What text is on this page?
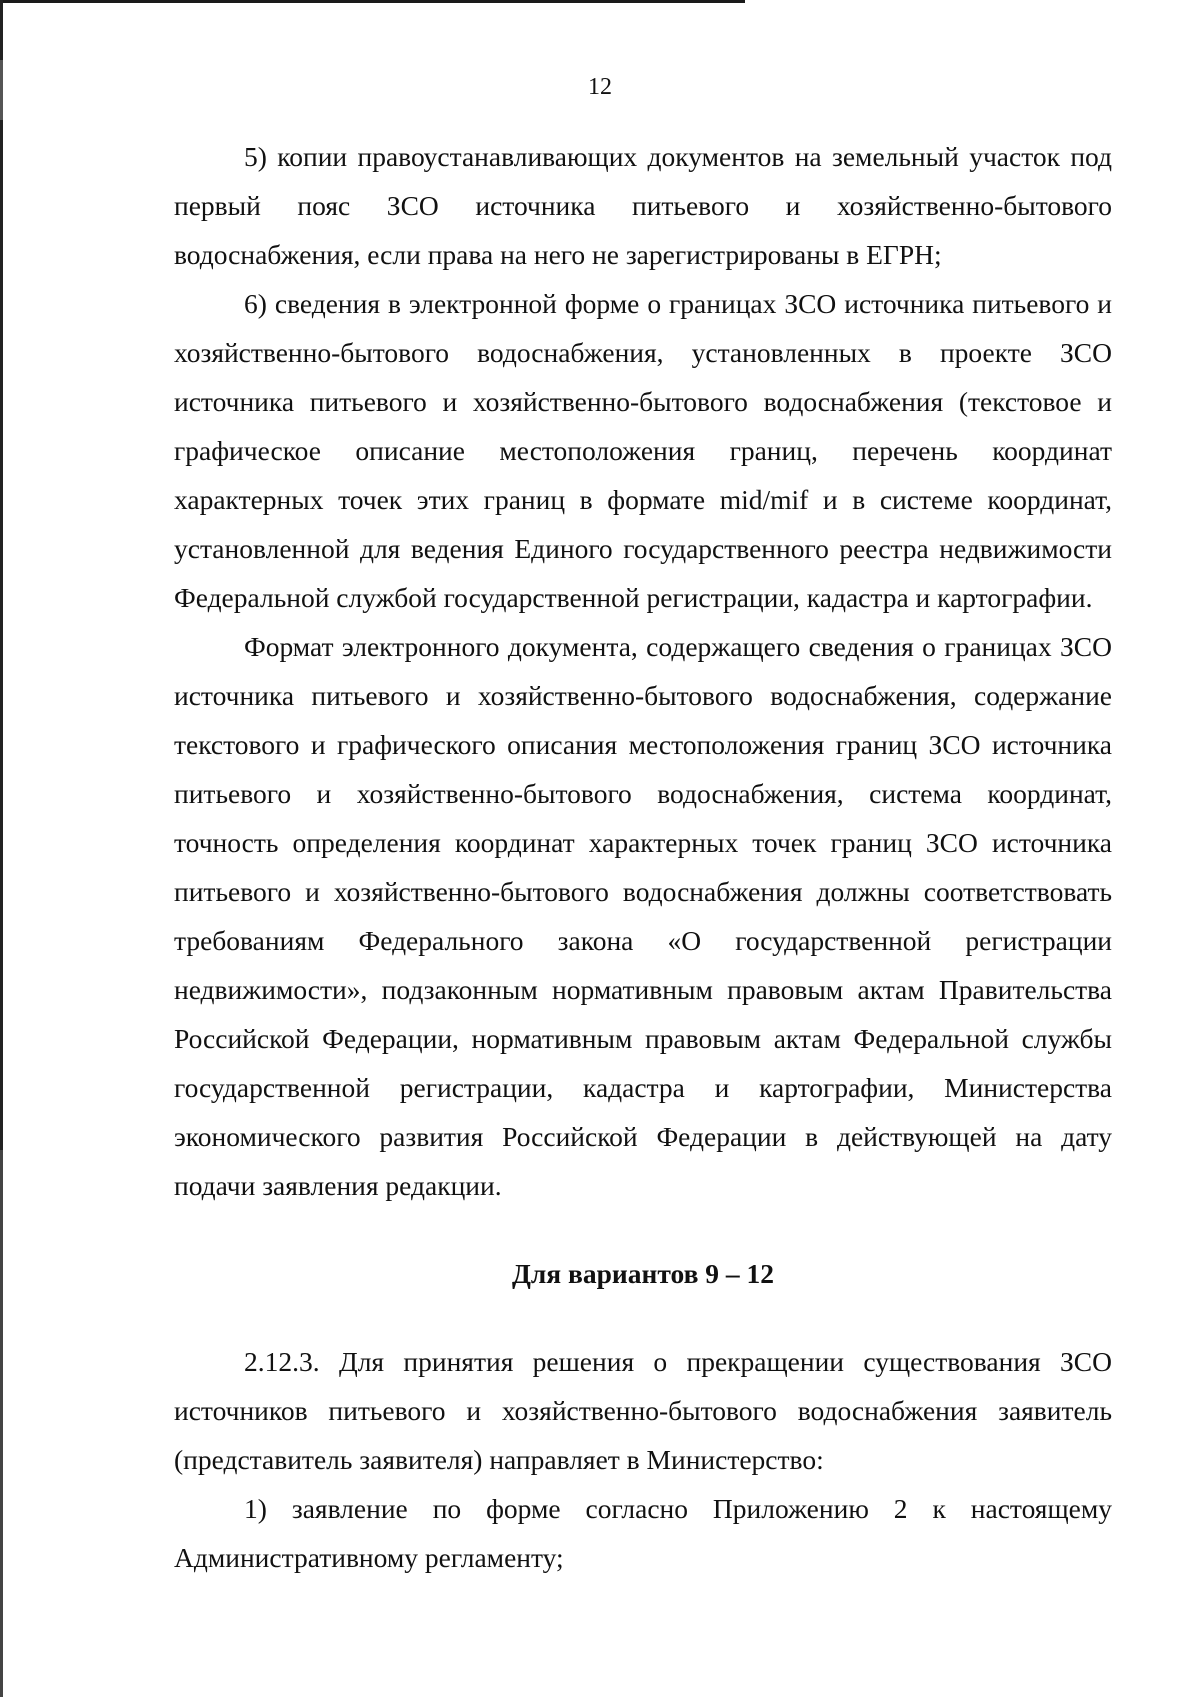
12

5) копии правоустанавливающих документов на земельный участок под первый пояс ЗСО источника питьевого и хозяйственно-бытового водоснабжения, если права на него не зарегистрированы в ЕГРН;

6) сведения в электронной форме о границах ЗСО источника питьевого и хозяйственно-бытового водоснабжения, установленных в проекте ЗСО источника питьевого и хозяйственно-бытового водоснабжения (текстовое и графическое описание местоположения границ, перечень координат характерных точек этих границ в формате mid/mif и в системе координат, установленной для ведения Единого государственного реестра недвижимости Федеральной службой государственной регистрации, кадастра и картографии.

Формат электронного документа, содержащего сведения о границах ЗСО источника питьевого и хозяйственно-бытового водоснабжения, содержание текстового и графического описания местоположения границ ЗСО источника питьевого и хозяйственно-бытового водоснабжения, система координат, точность определения координат характерных точек границ ЗСО источника питьевого и хозяйственно-бытового водоснабжения должны соответствовать требованиям Федерального закона «О государственной регистрации недвижимости», подзаконным нормативным правовым актам Правительства Российской Федерации, нормативным правовым актам Федеральной службы государственной регистрации, кадастра и картографии, Министерства экономического развития Российской Федерации в действующей на дату подачи заявления редакции.

Для вариантов 9 – 12

2.12.3. Для принятия решения о прекращении существования ЗСО источников питьевого и хозяйственно-бытового водоснабжения заявитель (представитель заявителя) направляет в Министерство:

1) заявление по форме согласно Приложению 2 к настоящему Административному регламенту;
